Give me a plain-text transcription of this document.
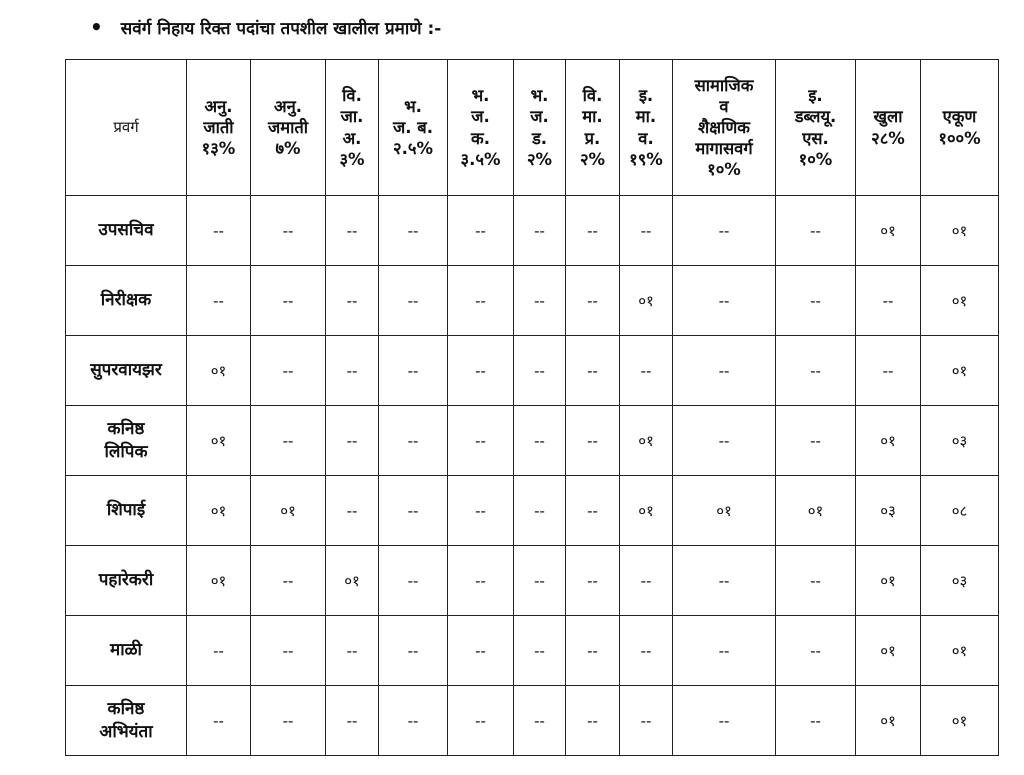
• सवंर्ग निहाय रिक्त पदांचा तपशील खालील प्रमाणे :-
प्रवर्ग	अनु.
जाती
१३%	अनु.
जमाती
७%	वि.
जा.
अ.
३%	भ.
ज. ब.
२.५%	भ.
ज.
क.
३.५%	भ.
ज.
ड.
२%	वि.
मा.
प्र.
२%	इ.
मा.
व.
१९%	सामाजिक
व
शैक्षणिक
मागासवर्ग
१०%	इ.
डब्लयू.
एस.
१०%	खुला
२८%	एकूण
१००%
उपसचिव	--	--	--	--	--	--	--	--	--	--	०१	०१
निरीक्षक	--	--	--	--	--	--	--	०१	--	--	--	०१
सुपरवायझर	०१	--	--	--	--	--	--	--	--	--	--	०१
कनिष्ठ
लिपिक	०१	--	--	--	--	--	--	०१	--	--	०१	०३
शिपाई	०१	०१	--	--	--	--	--	०१	०१	०१	०३	०८
पहारेकरी	०१	--	०१	--	--	--	--	--	--	--	०१	०३
माळी	--	--	--	--	--	--	--	--	--	--	०१	०१
कनिष्ठ
अभियंता	--	--	--	--	--	--	--	--	--	--	०१	०१
